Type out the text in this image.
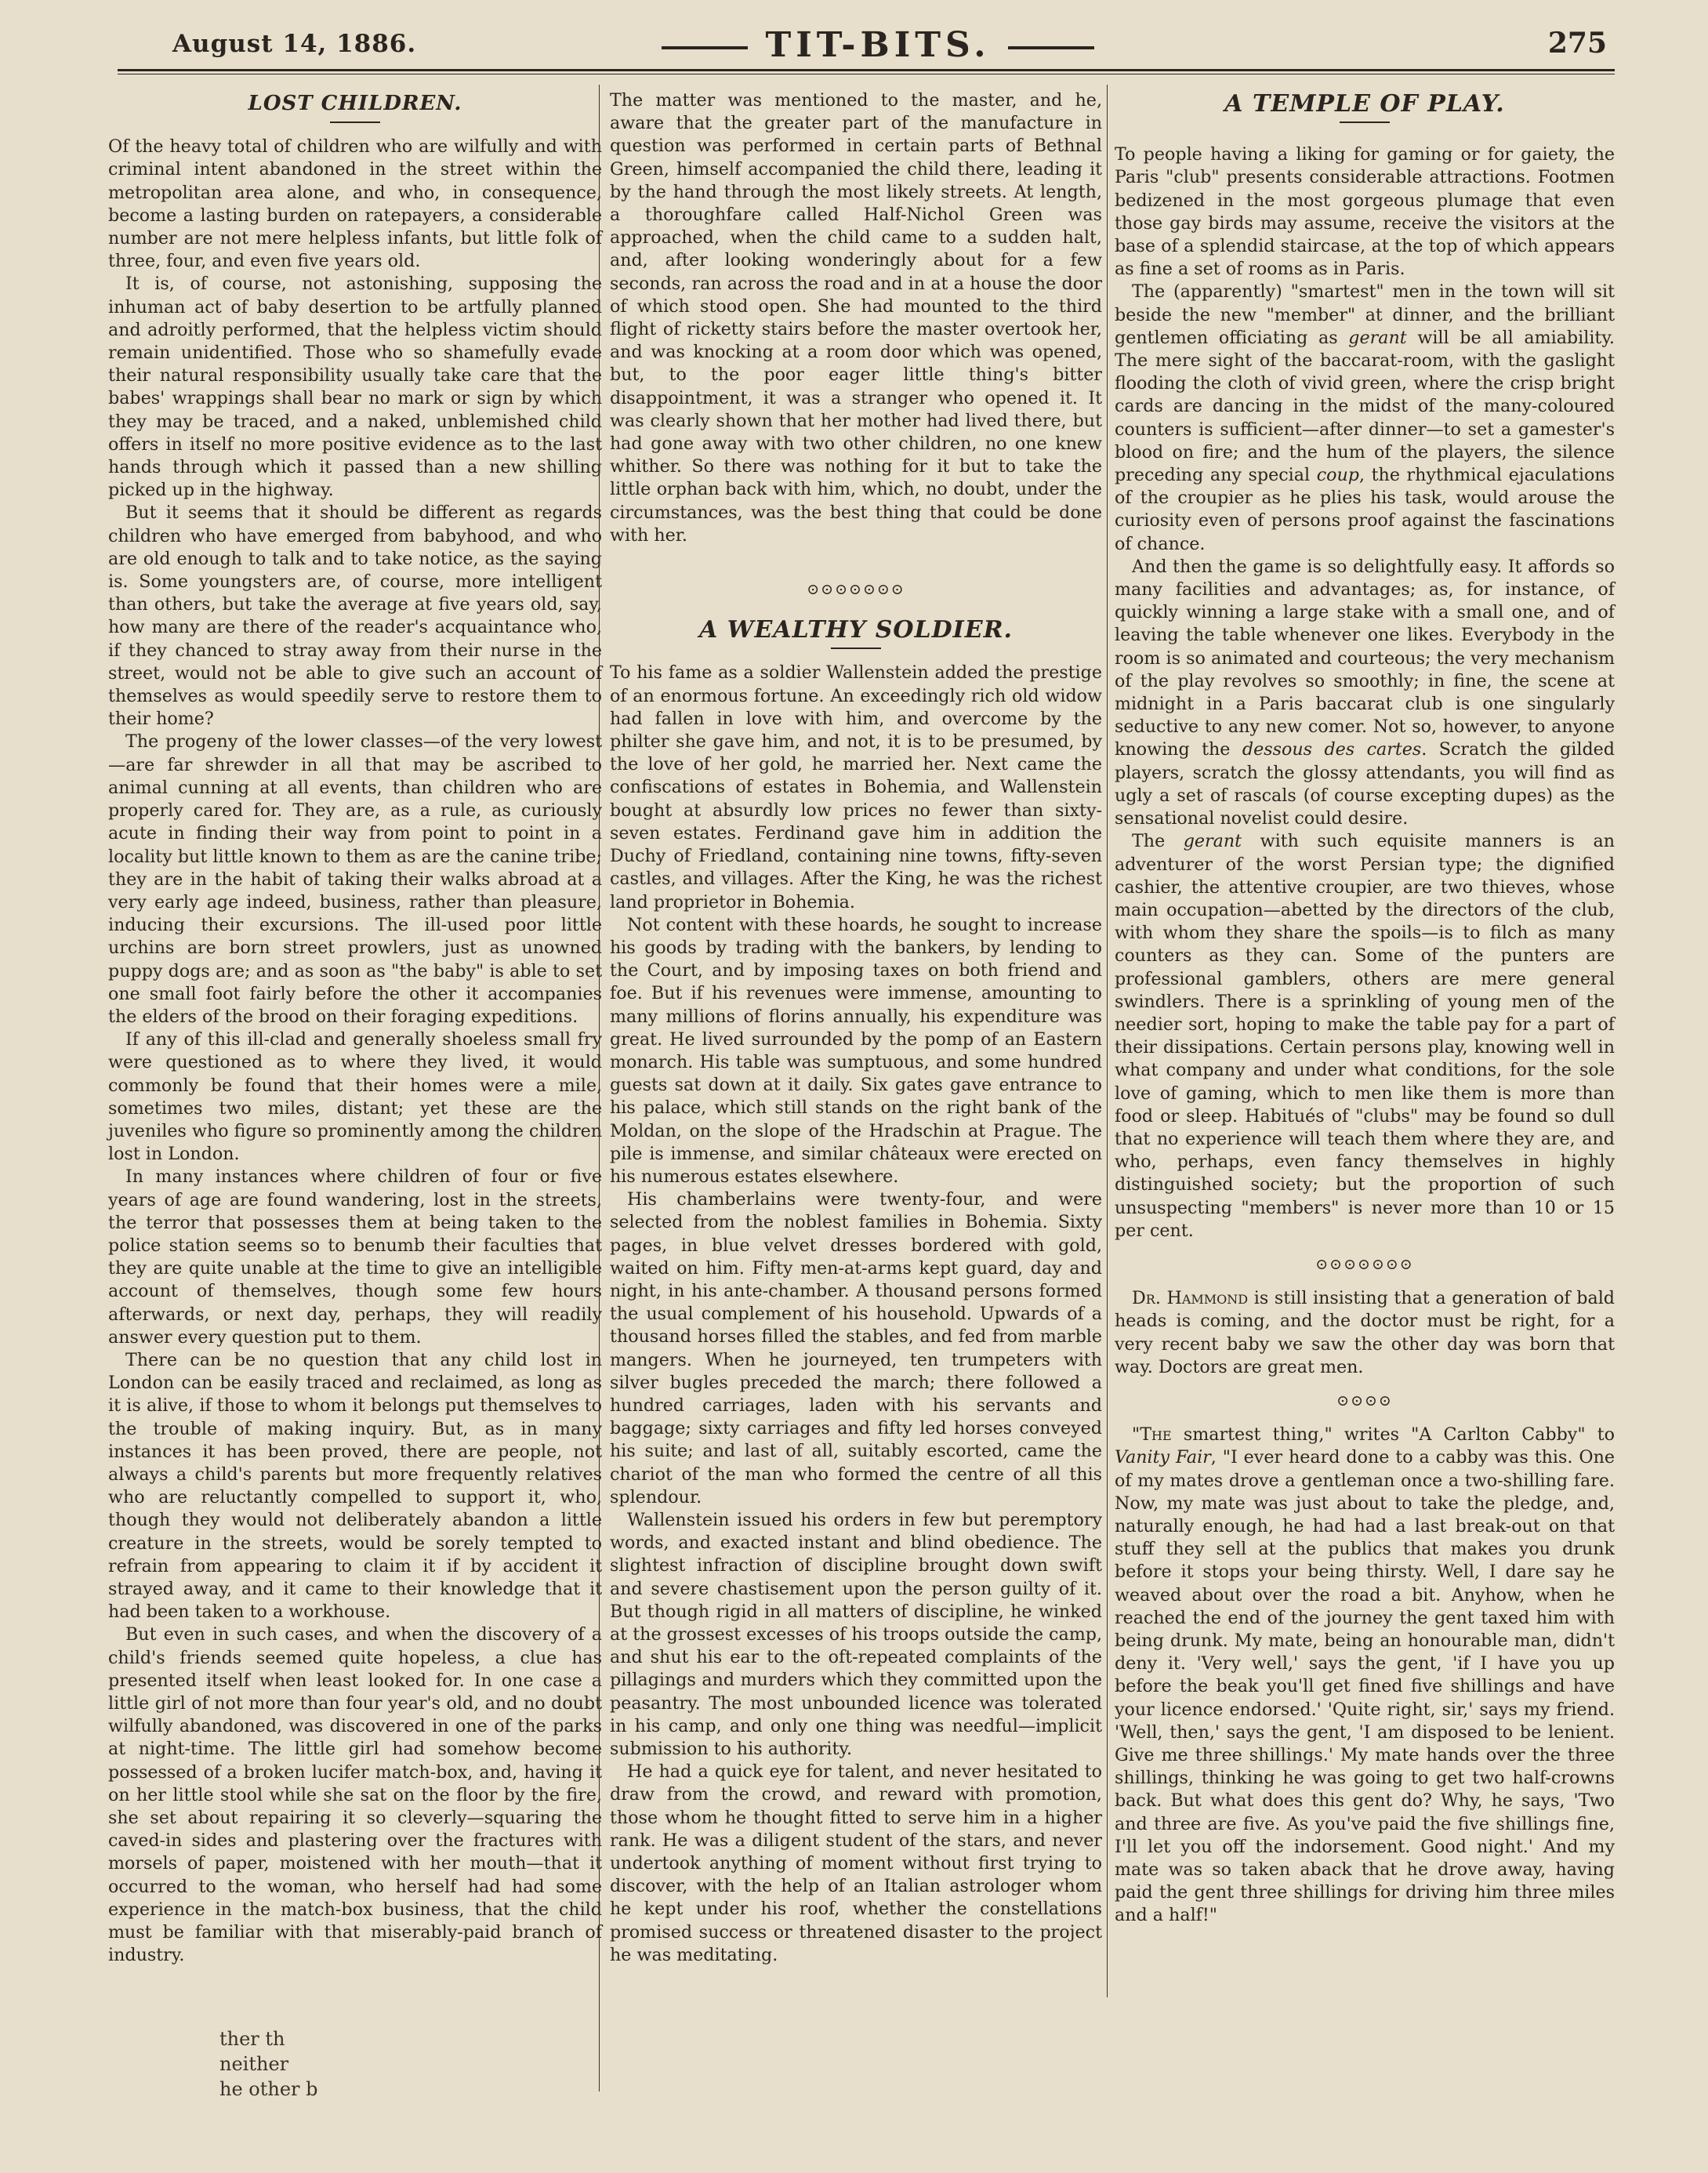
August 14, 1886.	TIT-BITS.	275
LOST CHILDREN.

Of the heavy total of children who are wilfully and with criminal intent abandoned in the street within the metropolitan area alone, and who, in consequence, become a lasting burden on ratepayers, a considerable number are not mere helpless infants, but little folk of three, four, and even five years old.

It is, of course, not astonishing, supposing the inhuman act of baby desertion to be artfully planned and adroitly performed, that the helpless victim should remain unidentified. Those who so shamefully evade their natural responsibility usually take care that the babes' wrappings shall bear no mark or sign by which they may be traced, and a naked, unblemished child offers in itself no more positive evidence as to the last hands through which it passed than a new shilling picked up in the highway.

But it seems that it should be different as regards children who have emerged from babyhood, and who are old enough to talk and to take notice, as the saying is. Some youngsters are, of course, more intelligent than others, but take the average at five years old, say, how many are there of the reader's acquaintance who, if they chanced to stray away from their nurse in the street, would not be able to give such an account of themselves as would speedily serve to restore them to their home?

The progeny of the lower classes—of the very lowest—are far shrewder in all that may be ascribed to animal cunning at all events, than children who are properly cared for. They are, as a rule, as curiously acute in finding their way from point to point in a locality but little known to them as are the canine tribe; they are in the habit of taking their walks abroad at a very early age indeed, business, rather than pleasure, inducing their excursions. The ill-used poor little urchins are born street prowlers, just as unowned puppy dogs are; and as soon as "the baby" is able to set one small foot fairly before the other it accompanies the elders of the brood on their foraging expeditions.

If any of this ill-clad and generally shoeless small fry were questioned as to where they lived, it would commonly be found that their homes were a mile, sometimes two miles, distant; yet these are the juveniles who figure so prominently among the children lost in London.

In many instances where children of four or five years of age are found wandering, lost in the streets, the terror that possesses them at being taken to the police station seems so to benumb their faculties that they are quite unable at the time to give an intelligible account of themselves, though some few hours afterwards, or next day, perhaps, they will readily answer every question put to them.

There can be no question that any child lost in London can be easily traced and reclaimed, as long as it is alive, if those to whom it belongs put themselves to the trouble of making inquiry. But, as in many instances it has been proved, there are people, not always a child's parents but more frequently relatives who are reluctantly compelled to support it, who, though they would not deliberately abandon a little creature in the streets, would be sorely tempted to refrain from appearing to claim it if by accident it strayed away, and it came to their knowledge that it had been taken to a workhouse.

But even in such cases, and when the discovery of a child's friends seemed quite hopeless, a clue has presented itself when least looked for. In one case a little girl of not more than four year's old, and no doubt wilfully abandoned, was discovered in one of the parks at night-time. The little girl had somehow become possessed of a broken lucifer match-box, and, having it on her little stool while she sat on the floor by the fire, she set about repairing it so cleverly—squaring the caved-in sides and plastering over the fractures with morsels of paper, moistened with her mouth—that it occurred to the woman, who herself had had some experience in the match-box business, that the child must be familiar with that miserably-paid branch of industry.

The matter was mentioned to the master, and he, aware that the greater part of the manufacture in question was performed in certain parts of Bethnal Green, himself accompanied the child there, leading it by the hand through the most likely streets. At length, a thoroughfare called Half-Nichol Green was approached, when the child came to a sudden halt, and, after looking wonderingly about for a few seconds, ran across the road and in at a house the door of which stood open. She had mounted to the third flight of ricketty stairs before the master overtook her, and was knocking at a room door which was opened, but, to the poor eager little thing's bitter disappointment, it was a stranger who opened it. It was clearly shown that her mother had lived there, but had gone away with two other children, no one knew whither. So there was nothing for it but to take the little orphan back with him, which, no doubt, under the circumstances, was the best thing that could be done with her.

⊙⊙⊙⊙⊙⊙⊙
A WEALTHY SOLDIER.

To his fame as a soldier Wallenstein added the prestige of an enormous fortune. An exceedingly rich old widow had fallen in love with him, and overcome by the philter she gave him, and not, it is to be presumed, by the love of her gold, he married her. Next came the confiscations of estates in Bohemia, and Wallenstein bought at absurdly low prices no fewer than sixty-seven estates. Ferdinand gave him in addition the Duchy of Friedland, containing nine towns, fifty-seven castles, and villages. After the King, he was the richest land proprietor in Bohemia.

Not content with these hoards, he sought to increase his goods by trading with the bankers, by lending to the Court, and by imposing taxes on both friend and foe. But if his revenues were immense, amounting to many millions of florins annually, his expenditure was great. He lived surrounded by the pomp of an Eastern monarch. His table was sumptuous, and some hundred guests sat down at it daily. Six gates gave entrance to his palace, which still stands on the right bank of the Moldan, on the slope of the Hradschin at Prague. The pile is immense, and similar châteaux were erected on his numerous estates elsewhere.

His chamberlains were twenty-four, and were selected from the noblest families in Bohemia. Sixty pages, in blue velvet dresses bordered with gold, waited on him. Fifty men-at-arms kept guard, day and night, in his ante-chamber. A thousand persons formed the usual complement of his household. Upwards of a thousand horses filled the stables, and fed from marble mangers. When he journeyed, ten trumpeters with silver bugles preceded the march; there followed a hundred carriages, laden with his servants and baggage; sixty carriages and fifty led horses conveyed his suite; and last of all, suitably escorted, came the chariot of the man who formed the centre of all this splendour.

Wallenstein issued his orders in few but peremptory words, and exacted instant and blind obedience. The slightest infraction of discipline brought down swift and severe chastisement upon the person guilty of it. But though rigid in all matters of discipline, he winked at the grossest excesses of his troops outside the camp, and shut his ear to the oft-repeated complaints of the pillagings and murders which they committed upon the peasantry. The most unbounded licence was tolerated in his camp, and only one thing was needful—implicit submission to his authority.

He had a quick eye for talent, and never hesitated to draw from the crowd, and reward with promotion, those whom he thought fitted to serve him in a higher rank. He was a diligent student of the stars, and never undertook anything of moment without first trying to discover, with the help of an Italian astrologer whom he kept under his roof, whether the constellations promised success or threatened disaster to the project he was meditating.

A TEMPLE OF PLAY.

To people having a liking for gaming or for gaiety, the Paris "club" presents considerable attractions. Footmen bedizened in the most gorgeous plumage that even those gay birds may assume, receive the visitors at the base of a splendid staircase, at the top of which appears as fine a set of rooms as in Paris.

The (apparently) "smartest" men in the town will sit beside the new "member" at dinner, and the brilliant gentlemen officiating as gerant will be all amiability. The mere sight of the baccarat-room, with the gaslight flooding the cloth of vivid green, where the crisp bright cards are dancing in the midst of the many-coloured counters is sufficient—after dinner—to set a gamester's blood on fire; and the hum of the players, the silence preceding any special coup, the rhythmical ejaculations of the croupier as he plies his task, would arouse the curiosity even of persons proof against the fascinations of chance.

And then the game is so delightfully easy. It affords so many facilities and advantages; as, for instance, of quickly winning a large stake with a small one, and of leaving the table whenever one likes. Everybody in the room is so animated and courteous; the very mechanism of the play revolves so smoothly; in fine, the scene at midnight in a Paris baccarat club is one singularly seductive to any new comer. Not so, however, to anyone knowing the dessous des cartes. Scratch the gilded players, scratch the glossy attendants, you will find as ugly a set of rascals (of course excepting dupes) as the sensational novelist could desire.

The gerant with such equisite manners is an adventurer of the worst Persian type; the dignified cashier, the attentive croupier, are two thieves, whose main occupation—abetted by the directors of the club, with whom they share the spoils—is to filch as many counters as they can. Some of the punters are professional gamblers, others are mere general swindlers. There is a sprinkling of young men of the needier sort, hoping to make the table pay for a part of their dissipations. Certain persons play, knowing well in what company and under what conditions, for the sole love of gaming, which to men like them is more than food or sleep. Habitués of "clubs" may be found so dull that no experience will teach them where they are, and who, perhaps, even fancy themselves in highly distinguished society; but the proportion of such unsuspecting "members" is never more than 10 or 15 per cent.

⊙⊙⊙⊙⊙⊙⊙

Dr. Hammond is still insisting that a generation of bald heads is coming, and the doctor must be right, for a very recent baby we saw the other day was born that way. Doctors are great men.

⊙⊙⊙⊙

"The smartest thing," writes "A Carlton Cabby" to Vanity Fair, "I ever heard done to a cabby was this. One of my mates drove a gentleman once a two-shilling fare. Now, my mate was just about to take the pledge, and, naturally enough, he had had a last break-out on that stuff they sell at the publics that makes you drunk before it stops your being thirsty. Well, I dare say he weaved about over the road a bit. Anyhow, when he reached the end of the journey the gent taxed him with being drunk. My mate, being an honourable man, didn't deny it. 'Very well,' says the gent, 'if I have you up before the beak you'll get fined five shillings and have your licence endorsed.' 'Quite right, sir,' says my friend. 'Well, then,' says the gent, 'I am disposed to be lenient. Give me three shillings.' My mate hands over the three shillings, thinking he was going to get two half-crowns back. But what does this gent do? Why, he says, 'Two and three are five. As you've paid the five shillings fine, I'll let you off the indorsement. Good night.' And my mate was so taken aback that he drove away, having paid the gent three shillings for driving him three miles and a half!"

ther th
neither
he other b
